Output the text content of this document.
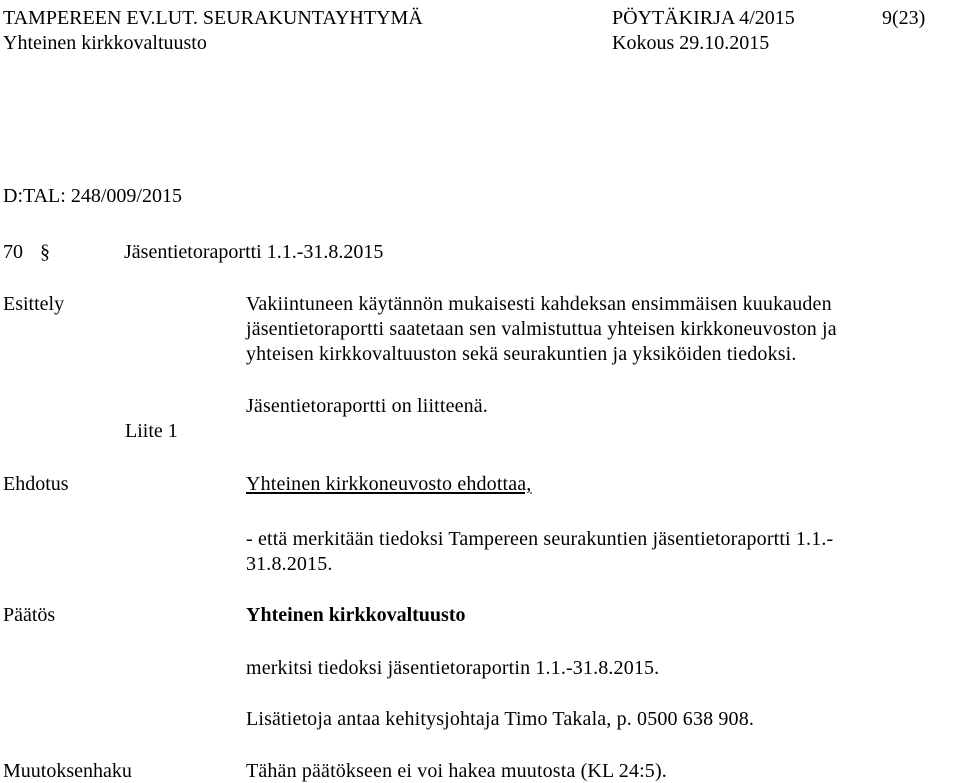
TAMPEREEN EV.LUT. SEURAKUNTAYHTYMÄ	PÖYTÄKIRJA 4/2015	9(23)

Yhteinen kirkkovaltuusto	Kokous 29.10.2015

D:TAL: 248/009/2015

70 §	Jäsentietoraportti 1.1.-31.8.2015

Esittely	Vakiintuneen käytännön mukaisesti kahdeksan ensimmäisen kuukauden

jäsentietoraportti saatetaan sen valmistuttua yhteisen kirkkoneuvoston ja

yhteisen kirkkovaltuuston sekä seurakuntien ja yksiköiden tiedoksi.

Jäsentietoraportti on liitteenä.

Liite 1

Ehdotus	Yhteinen kirkkoneuvosto ehdottaa,

- että merkitään tiedoksi Tampereen seurakuntien jäsentietoraportti 1.1.-

31.8.2015.

Päätös	Yhteinen kirkkovaltuusto

merkitsi tiedoksi jäsentietoraportin 1.1.-31.8.2015.

Lisätietoja antaa kehitysjohtaja Timo Takala, p. 0500 638 908.

Muutoksenhaku	Tähän päätökseen ei voi hakea muutosta (KL 24:5).
